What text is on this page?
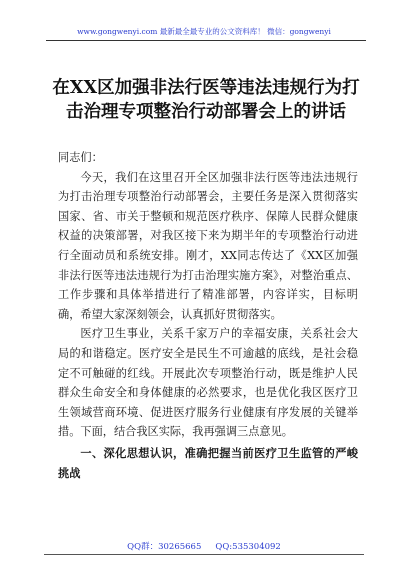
www.gongwenyi.com 最新最全最专业的公文资料库！ 微信：gongwenyi
在XX区加强非法行医等违法违规行为打击治理专项整治行动部署会上的讲话

同志们：

今天，我们在这里召开全区加强非法行医等违法违规行为打击治理专项整治行动部署会，主要任务是深入贯彻落实国家、省、市关于整顿和规范医疗秩序、保障人民群众健康权益的决策部署，对我区接下来为期半年的专项整治行动进行全面动员和系统安排。刚才，XX同志传达了《XX区加强非法行医等违法违规行为打击治理实施方案》，对整治重点、工作步骤和具体举措进行了精准部署，内容详实，目标明确，希望大家深刻领会，认真抓好贯彻落实。

医疗卫生事业，关系千家万户的幸福安康，关系社会大局的和谐稳定。医疗安全是民生不可逾越的底线，是社会稳定不可触碰的红线。开展此次专项整治行动，既是维护人民群众生命安全和身体健康的必然要求，也是优化我区医疗卫生领域营商环境、促进医疗服务行业健康有序发展的关键举措。下面，结合我区实际，我再强调三点意见。

一、深化思想认识，准确把握当前医疗卫生监管的严峻挑战

QQ群：30265665 QQ:535304092
